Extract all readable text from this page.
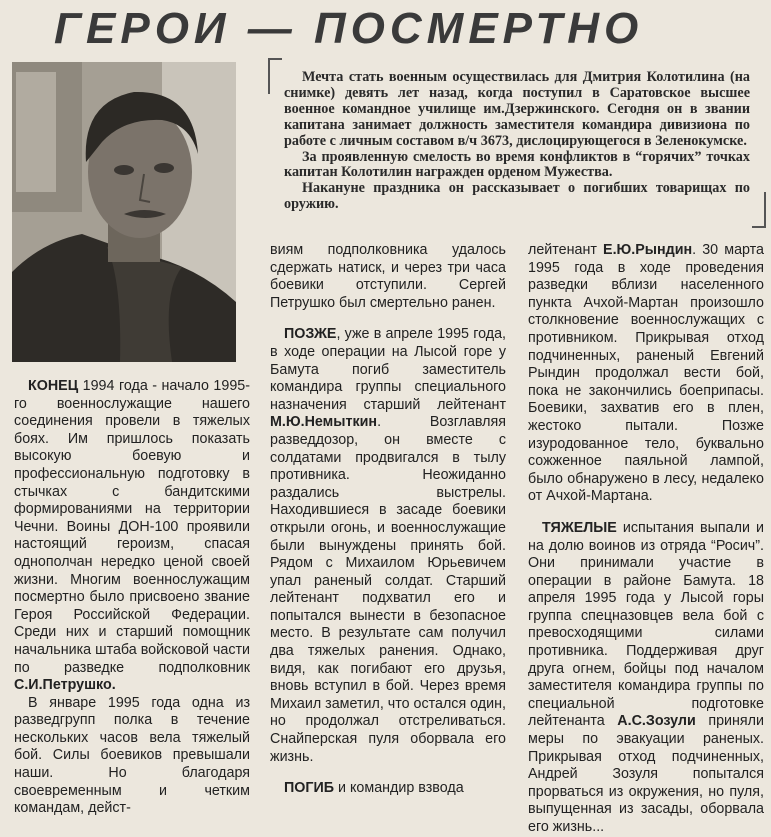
ГЕРОИ — ПОСМЕРТНО

Мечта стать военным осуществилась для Дмитрия Колотилина (на снимке) девять лет назад, когда поступил в Саратовское высшее военное командное училище им.Дзержинского. Сегодня он в звании капитана занимает должность заместителя командира дивизиона по работе с личным составом в/ч 3673, дислоцирующегося в Зеленокумске.

За проявленную смелость во время конфликтов в “горячих” точках капитан Колотилин награжден орденом Мужества.

Накануне праздника он рассказывает о погибших товарищах по оружию.

КОНЕЦ 1994 года - начало 1995-го военнослужащие нашего соединения провели в тяжелых боях. Им пришлось показать высокую боевую и профессиональную подготовку в стычках с бандитскими формированиями на территории Чечни. Воины ДОН-100 проявили настоящий героизм, спасая однополчан нередко ценой своей жизни. Многим военнослужащим посмертно было присвоено звание Героя Российской Федерации. Среди них и старший помощник начальника штаба войсковой части по разведке подполковник С.И.Петрушко.

В январе 1995 года одна из разведгрупп полка в течение нескольких часов вела тяжелый бой. Силы боевиков превышали наши. Но благодаря своевременным и четким командам, дейст-

виям подполковника удалось сдержать натиск, и через три часа боевики отступили. Сергей Петрушко был смертельно ранен.

ПОЗЖЕ, уже в апреле 1995 года, в ходе операции на Лысой горе у Бамута погиб заместитель командира группы специального назначения старший лейтенант М.Ю.Немыткин. Возглавляя разведдозор, он вместе с солдатами продвигался в тылу противника. Неожиданно раздались выстрелы. Находившиеся в засаде боевики открыли огонь, и военнослужащие были вынуждены принять бой. Рядом с Михаилом Юрьевичем упал раненый солдат. Старший лейтенант подхватил его и попытался вынести в безопасное место. В результате сам получил два тяжелых ранения. Однако, видя, как погибают его друзья, вновь вступил в бой. Через время Михаил заметил, что остался один, но продолжал отстреливаться. Снайперская пуля оборвала его жизнь.

ПОГИБ и командир взвода

лейтенант Е.Ю.Рындин. 30 марта 1995 года в ходе проведения разведки вблизи населенного пункта Ачхой-Мартан произошло столкновение военнослужащих с противником. Прикрывая отход подчиненных, раненый Евгений Рындин продолжал вести бой, пока не закончились боеприпасы. Боевики, захватив его в плен, жестоко пытали. Позже изуродованное тело, буквально сожженное паяльной лампой, было обнаружено в лесу, недалеко от Ачхой-Мартана.

ТЯЖЕЛЫЕ испытания выпали и на долю воинов из отряда “Росич”. Они принимали участие в операции в районе Бамута. 18 апреля 1995 года у Лысой горы группа спецназовцев вела бой с превосходящими силами противника. Поддерживая друг друга огнем, бойцы под началом заместителя командира группы по специальной подготовке лейтенанта А.С.Зозули приняли меры по эвакуации раненых. Прикрывая отход подчиненных, Андрей Зозуля попытался прорваться из окружения, но пуля, выпущенная из засады, оборвала его жизнь...
